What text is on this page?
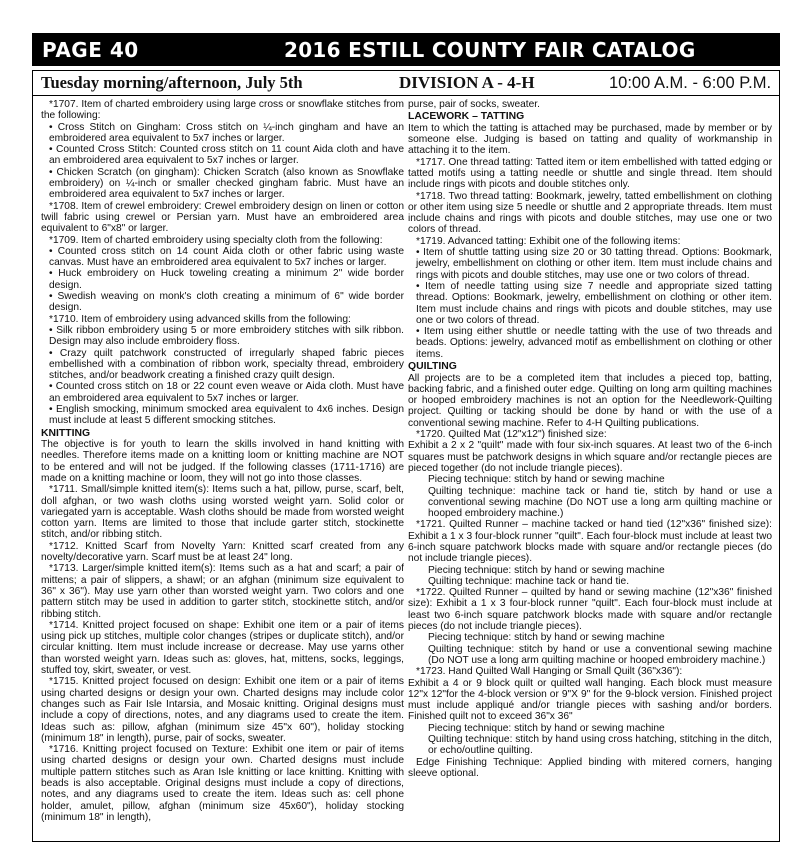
PAGE 40	2016 ESTILL COUNTY FAIR CATALOG
Tuesday morning/afternoon, July 5th	DIVISION A - 4-H	10:00 A.M. - 6:00 P.M.

*1707. Item of charted embroidery using large cross or snowflake stitches from the following:

• Cross Stitch on Gingham: Cross stitch on ¼-inch gingham and have an embroidered area equivalent to 5x7 inches or larger.

• Counted Cross Stitch: Counted cross stitch on 11 count Aida cloth and have an embroidered area equivalent to 5x7 inches or larger.

• Chicken Scratch (on gingham): Chicken Scratch (also known as Snowflake embroidery) on ¼-inch or smaller checked gingham fabric. Must have an embroidered area equivalent to 5x7 inches or larger.

*1708. Item of crewel embroidery: Crewel embroidery design on linen or cotton twill fabric using crewel or Persian yarn. Must have an embroidered area equivalent to 6"x8" or larger.

*1709. Item of charted embroidery using specialty cloth from the following:

• Counted cross stitch on 14 count Aida cloth or other fabric using waste canvas. Must have an embroidered area equivalent to 5x7 inches or larger.

• Huck embroidery on Huck toweling creating a minimum 2" wide border design.

• Swedish weaving on monk's cloth creating a minimum of 6" wide border design.

*1710. Item of embroidery using advanced skills from the following:

• Silk ribbon embroidery using 5 or more embroidery stitches with silk ribbon. Design may also include embroidery floss.

• Crazy quilt patchwork constructed of irregularly shaped fabric pieces embellished with a combination of ribbon work, specialty thread, embroidery stitches, and/or beadwork creating a finished crazy quilt design.

• Counted cross stitch on 18 or 22 count even weave or Aida cloth. Must have an embroidered area equivalent to 5x7 inches or larger.

• English smocking, minimum smocked area equivalent to 4x6 inches. Design must include at least 5 different smocking stitches.

KNITTING

The objective is for youth to learn the skills involved in hand knitting with needles. Therefore items made on a knitting loom or knitting machine are NOT to be entered and will not be judged. If the following classes (1711-1716) are made on a knitting machine or loom, they will not go into those classes.

*1711. Small/simple knitted item(s): Items such a hat, pillow, purse, scarf, belt, doll afghan, or two wash cloths using worsted weight yarn. Solid color or variegated yarn is acceptable. Wash cloths should be made from worsted weight cotton yarn. Items are limited to those that include garter stitch, stockinette stitch, and/or ribbing stitch.

*1712. Knitted Scarf from Novelty Yarn: Knitted scarf created from any novelty/decorative yarn. Scarf must be at least 24" long.

*1713. Larger/simple knitted item(s): Items such as a hat and scarf; a pair of mittens; a pair of slippers, a shawl; or an afghan (minimum size equivalent to 36" x 36"). May use yarn other than worsted weight yarn. Two colors and one pattern stitch may be used in addition to garter stitch, stockinette stitch, and/or ribbing stitch.

*1714. Knitted project focused on shape: Exhibit one item or a pair of items using pick up stitches, multiple color changes (stripes or duplicate stitch), and/or circular knitting. Item must include increase or decrease. May use yarns other than worsted weight yarn. Ideas such as: gloves, hat, mittens, socks, leggings, stuffed toy, skirt, sweater, or vest.

*1715. Knitted project focused on design: Exhibit one item or a pair of items using charted designs or design your own. Charted designs may include color changes such as Fair Isle Intarsia, and Mosaic knitting. Original designs must include a copy of directions, notes, and any diagrams used to create the item. Ideas such as: pillow, afghan (minimum size 45"x 60"), holiday stocking (minimum 18" in length), purse, pair of socks, sweater.

*1716. Knitting project focused on Texture: Exhibit one item or pair of items using charted designs or design your own. Charted designs must include multiple pattern stitches such as Aran Isle knitting or lace knitting. Knitting with beads is also acceptable. Original designs must include a copy of directions, notes, and any diagrams used to create the item. Ideas such as: cell phone holder, amulet, pillow, afghan (minimum size 45x60"), holiday stocking (minimum 18" in length),

purse, pair of socks, sweater.

LACEWORK – TATTING

Item to which the tatting is attached may be purchased, made by member or by someone else. Judging is based on tatting and quality of workmanship in attaching it to the item.

*1717. One thread tatting: Tatted item or item embellished with tatted edging or tatted motifs using a tatting needle or shuttle and single thread. Item should include rings with picots and double stitches only.

*1718. Two thread tatting: Bookmark, jewelry, tatted embellishment on clothing or other item using size 5 needle or shuttle and 2 appropriate threads. Item must include chains and rings with picots and double stitches, may use one or two colors of thread.

*1719. Advanced tatting: Exhibit one of the following items:

• Item of shuttle tatting using size 20 or 30 tatting thread. Options: Bookmark, jewelry, embellishment on clothing or other item. Item must include chains and rings with picots and double stitches, may use one or two colors of thread.

• Item of needle tatting using size 7 needle and appropriate sized tatting thread. Options: Bookmark, jewelry, embellishment on clothing or other item. Item must include chains and rings with picots and double stitches, may use one or two colors of thread.

• Item using either shuttle or needle tatting with the use of two threads and beads. Options: jewelry, advanced motif as embellishment on clothing or other items.

QUILTING

All projects are to be a completed item that includes a pieced top, batting, backing fabric, and a finished outer edge. Quilting on long arm quilting machines or hooped embroidery machines is not an option for the Needlework-Quilting project. Quilting or tacking should be done by hand or with the use of a conventional sewing machine. Refer to 4-H Quilting publications.

*1720. Quilted Mat (12"x12") finished size:

Exhibit a 2 x 2 "quilt" made with four six-inch squares. At least two of the 6-inch squares must be patchwork designs in which square and/or rectangle pieces are pieced together (do not include triangle pieces).

Piecing technique: stitch by hand or sewing machine

Quilting technique: machine tack or hand tie, stitch by hand or use a conventional sewing machine (Do NOT use a long arm quilting machine or hooped embroidery machine.)

*1721. Quilted Runner – machine tacked or hand tied (12"x36" finished size): Exhibit a 1 x 3 four-block runner "quilt". Each four-block must include at least two 6-inch square patchwork blocks made with square and/or rectangle pieces (do not include triangle pieces).

Piecing technique: stitch by hand or sewing machine

Quilting technique: machine tack or hand tie.

*1722. Quilted Runner – quilted by hand or sewing machine (12"x36" finished size): Exhibit a 1 x 3 four-block runner "quilt". Each four-block must include at least two 6-inch square patchwork blocks made with square and/or rectangle pieces (do not include triangle pieces).

Piecing technique: stitch by hand or sewing machine

Quilting technique: stitch by hand or use a conventional sewing machine (Do NOT use a long arm quilting machine or hooped embroidery machine.)

*1723. Hand Quilted Wall Hanging or Small Quilt (36"x36"):

Exhibit a 4 or 9 block quilt or quilted wall hanging. Each block must measure 12"x 12"for the 4-block version or 9"X 9" for the 9-block version. Finished project must include appliqué and/or triangle pieces with sashing and/or borders. Finished quilt not to exceed 36"x 36"

Piecing technique: stitch by hand or sewing machine

Quilting technique: stitch by hand using cross hatching, stitching in the ditch, or echo/outline quilting.

Edge Finishing Technique: Applied binding with mitered corners, hanging sleeve optional.
